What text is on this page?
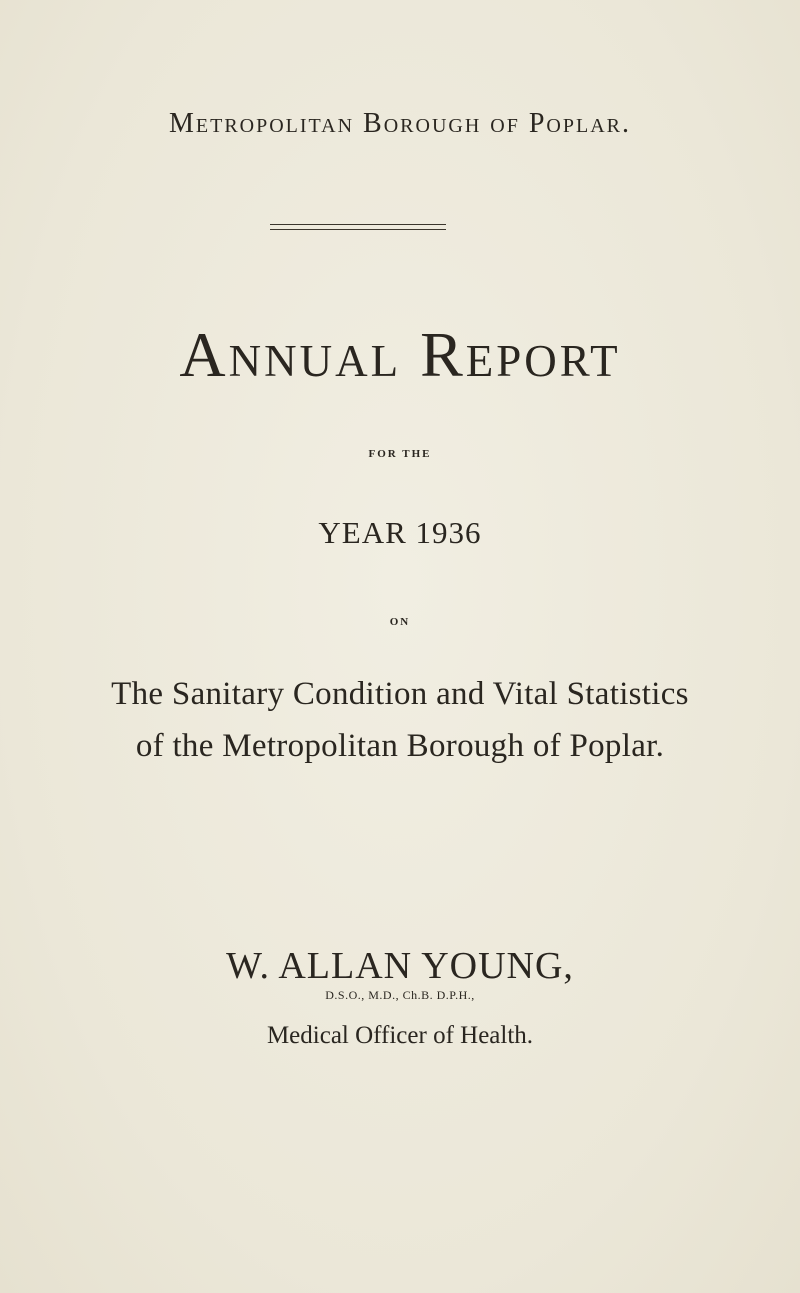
Metropolitan Borough of Poplar.
Annual Report
FOR THE
YEAR 1936
ON
The Sanitary Condition and Vital Statistics
of the Metropolitan Borough of Poplar.
W. ALLAN YOUNG,
D.S.O., M.D., Ch.B. D.P.H.,
Medical Officer of Health.
